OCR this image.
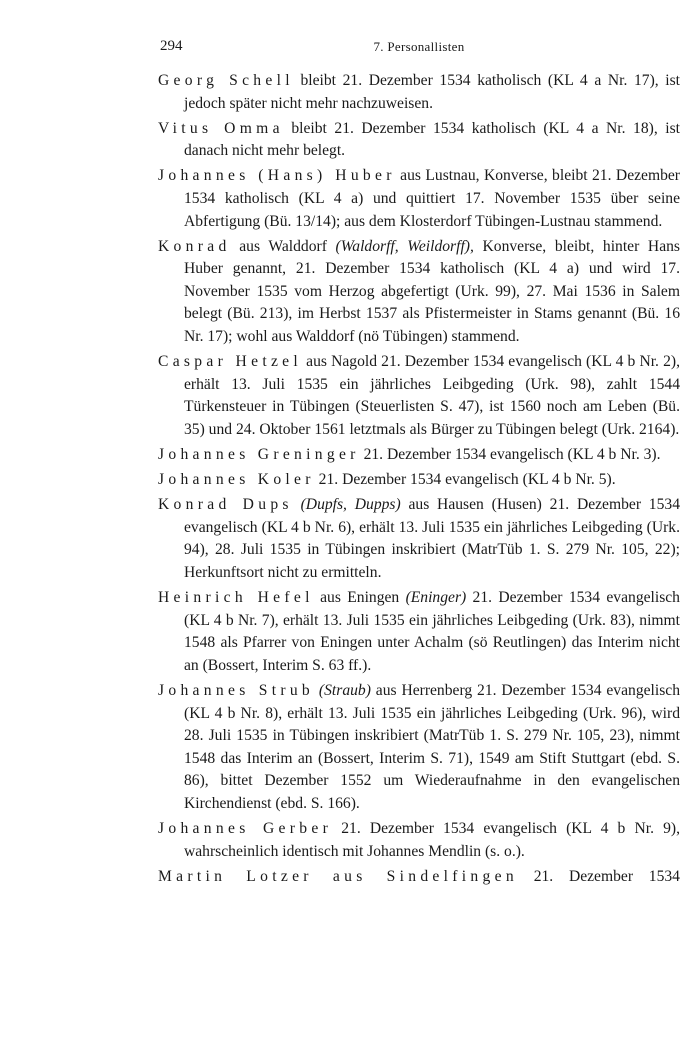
294	7. Personallisten

Georg Schell bleibt 21. Dezember 1534 katholisch (KL 4 a Nr. 17), ist jedoch später nicht mehr nachzuweisen.

Vitus Omma bleibt 21. Dezember 1534 katholisch (KL 4 a Nr. 18), ist danach nicht mehr belegt.

Johannes (Hans) Huber aus Lustnau, Konverse, bleibt 21. Dezember 1534 katholisch (KL 4 a) und quittiert 17. November 1535 über seine Abfertigung (Bü. 13/14); aus dem Klosterdorf Tübingen-Lustnau stammend.

Konrad aus Walddorf (Waldorff, Weildorff), Konverse, bleibt, hinter Hans Huber genannt, 21. Dezember 1534 katholisch (KL 4 a) und wird 17. November 1535 vom Herzog abgefertigt (Urk. 99), 27. Mai 1536 in Salem belegt (Bü. 213), im Herbst 1537 als Pfistermeister in Stams genannt (Bü. 16 Nr. 17); wohl aus Walddorf (nö Tübingen) stammend.

Caspar Hetzel aus Nagold 21. Dezember 1534 evangelisch (KL 4 b Nr. 2), erhält 13. Juli 1535 ein jährliches Leibgeding (Urk. 98), zahlt 1544 Türkensteuer in Tübingen (Steuerlisten S. 47), ist 1560 noch am Leben (Bü. 35) und 24. Oktober 1561 letztmals als Bürger zu Tübingen belegt (Urk. 2164).

Johannes Greninger 21. Dezember 1534 evangelisch (KL 4 b Nr. 3).

Johannes Koler 21. Dezember 1534 evangelisch (KL 4 b Nr. 5).

Konrad Dups (Dupfs, Dupps) aus Hausen (Husen) 21. Dezember 1534 evangelisch (KL 4 b Nr. 6), erhält 13. Juli 1535 ein jährliches Leibgeding (Urk. 94), 28. Juli 1535 in Tübingen inskribiert (MatrTüb 1. S. 279 Nr. 105, 22); Herkunftsort nicht zu ermitteln.

Heinrich Hefel aus Eningen (Eninger) 21. Dezember 1534 evangelisch (KL 4 b Nr. 7), erhält 13. Juli 1535 ein jährliches Leibgeding (Urk. 83), nimmt 1548 als Pfarrer von Eningen unter Achalm (sö Reutlingen) das Interim nicht an (Bossert, Interim S. 63 ff.).

Johannes Strub (Straub) aus Herrenberg 21. Dezember 1534 evangelisch (KL 4 b Nr. 8), erhält 13. Juli 1535 ein jährliches Leibgeding (Urk. 96), wird 28. Juli 1535 in Tübingen inskribiert (MatrTüb 1. S. 279 Nr. 105, 23), nimmt 1548 das Interim an (Bossert, Interim S. 71), 1549 am Stift Stuttgart (ebd. S. 86), bittet Dezember 1552 um Wiederaufnahme in den evangelischen Kirchendienst (ebd. S. 166).

Johannes Gerber 21. Dezember 1534 evangelisch (KL 4 b Nr. 9), wahrscheinlich identisch mit Johannes Mendlin (s. o.).

Martin Lotzer aus Sindelfingen 21. Dezember 1534
